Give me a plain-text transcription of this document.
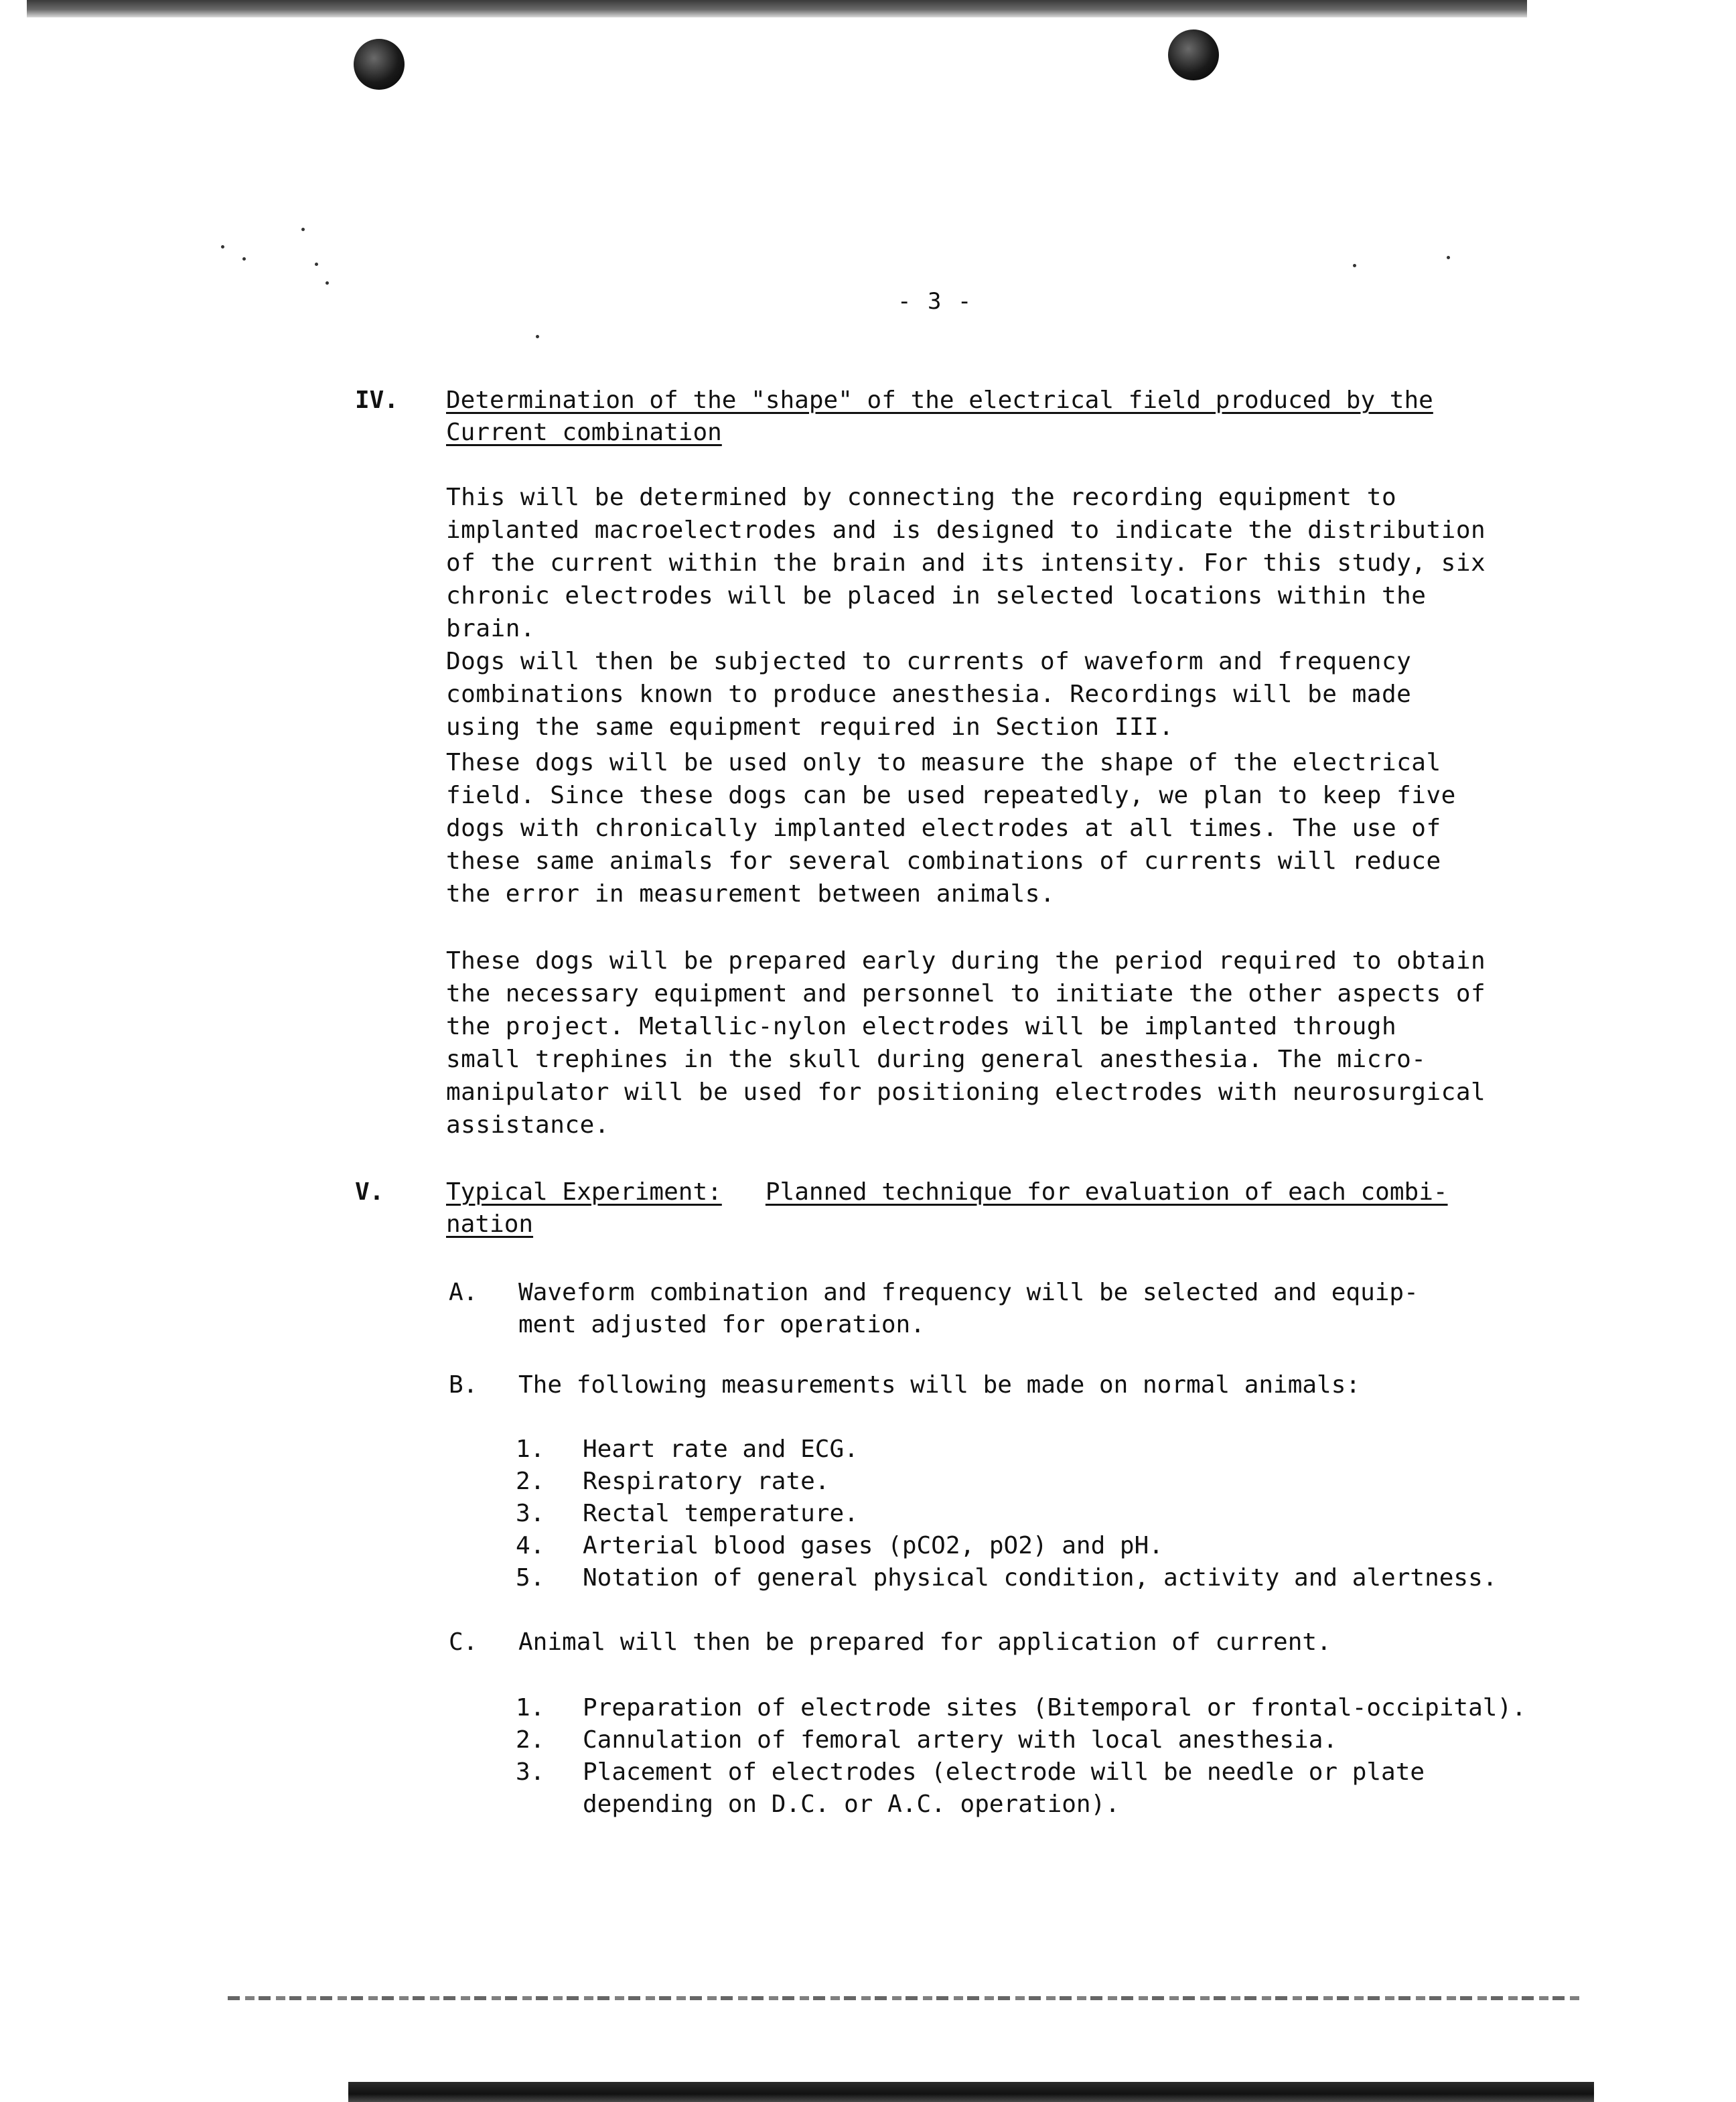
- 3 -
IV. Determination of the "shape" of the electrical field produced by the
Current combination
This will be determined by connecting the recording equipment to
implanted macroelectrodes and is designed to indicate the distribution
of the current within the brain and its intensity. For this study, six
chronic electrodes will be placed in selected locations within the brain.
Dogs will then be subjected to currents of waveform and frequency
combinations known to produce anesthesia. Recordings will be made
using the same equipment required in Section III.
These dogs will be used only to measure the shape of the electrical
field. Since these dogs can be used repeatedly, we plan to keep five
dogs with chronically implanted electrodes at all times. The use of
these same animals for several combinations of currents will reduce
the error in measurement between animals.
These dogs will be prepared early during the period required to obtain
the necessary equipment and personnel to initiate the other aspects of
the project. Metallic-nylon electrodes will be implanted through
small trephines in the skull during general anesthesia. The micro-
manipulator will be used for positioning electrodes with neurosurgical
assistance.
V.	Typical Experiment: Planned technique for evaluation of each combi-
nation
A. Waveform combination and frequency will be selected and equip-
ment adjusted for operation.
B. The following measurements will be made on normal animals:
1. Heart rate and ECG.
2. Respiratory rate.
3. Rectal temperature.
4. Arterial blood gases (pCO2, pO2) and pH.
5. Notation of general physical condition, activity and alertness.
C. Animal will then be prepared for application of current.
1. Preparation of electrode sites (Bitemporal or frontal-occipital).
2. Cannulation of femoral artery with local anesthesia.
3. Placement of electrodes (electrode will be needle or plate
depending on D.C. or A.C. operation).
